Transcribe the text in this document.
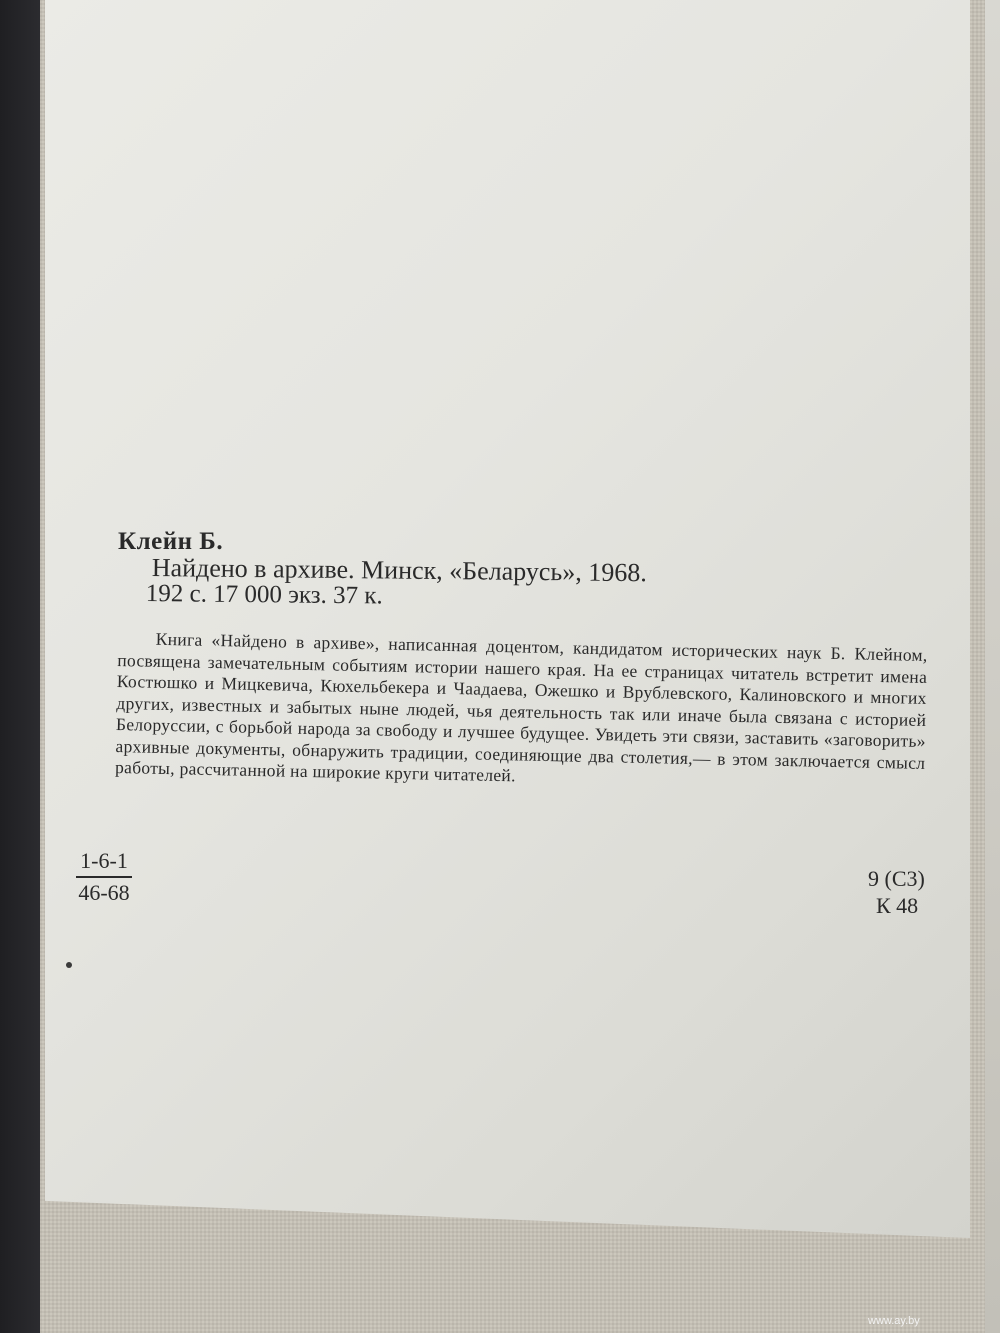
Клейн Б.
Найдено в архиве. Минск, «Беларусь», 1968.
192 с. 17 000 экз. 37 к.

Книга «Найдено в архиве», написанная доцентом, кандидатом исторических наук Б. Клейном, посвящена замечательным событиям истории нашего края. На ее страницах читатель встретит имена Костюшко и Мицкевича, Кюхельбекера и Чаадаева, Ожешко и Врублевского, Калиновского и многих других, известных и забытых ныне людей, чья деятельность так или иначе была связана с историей Белоруссии, с борьбой народа за свободу и лучшее будущее. Увидеть эти связи, заставить «заговорить» архивные документы, обнаружить традиции, соединяющие два столетия,— в этом заключается смысл работы, рассчитанной на широкие круги читателей.

$\frac{1-6-1}{46-68}$	9 (С3)
К 48
www.ay.by
